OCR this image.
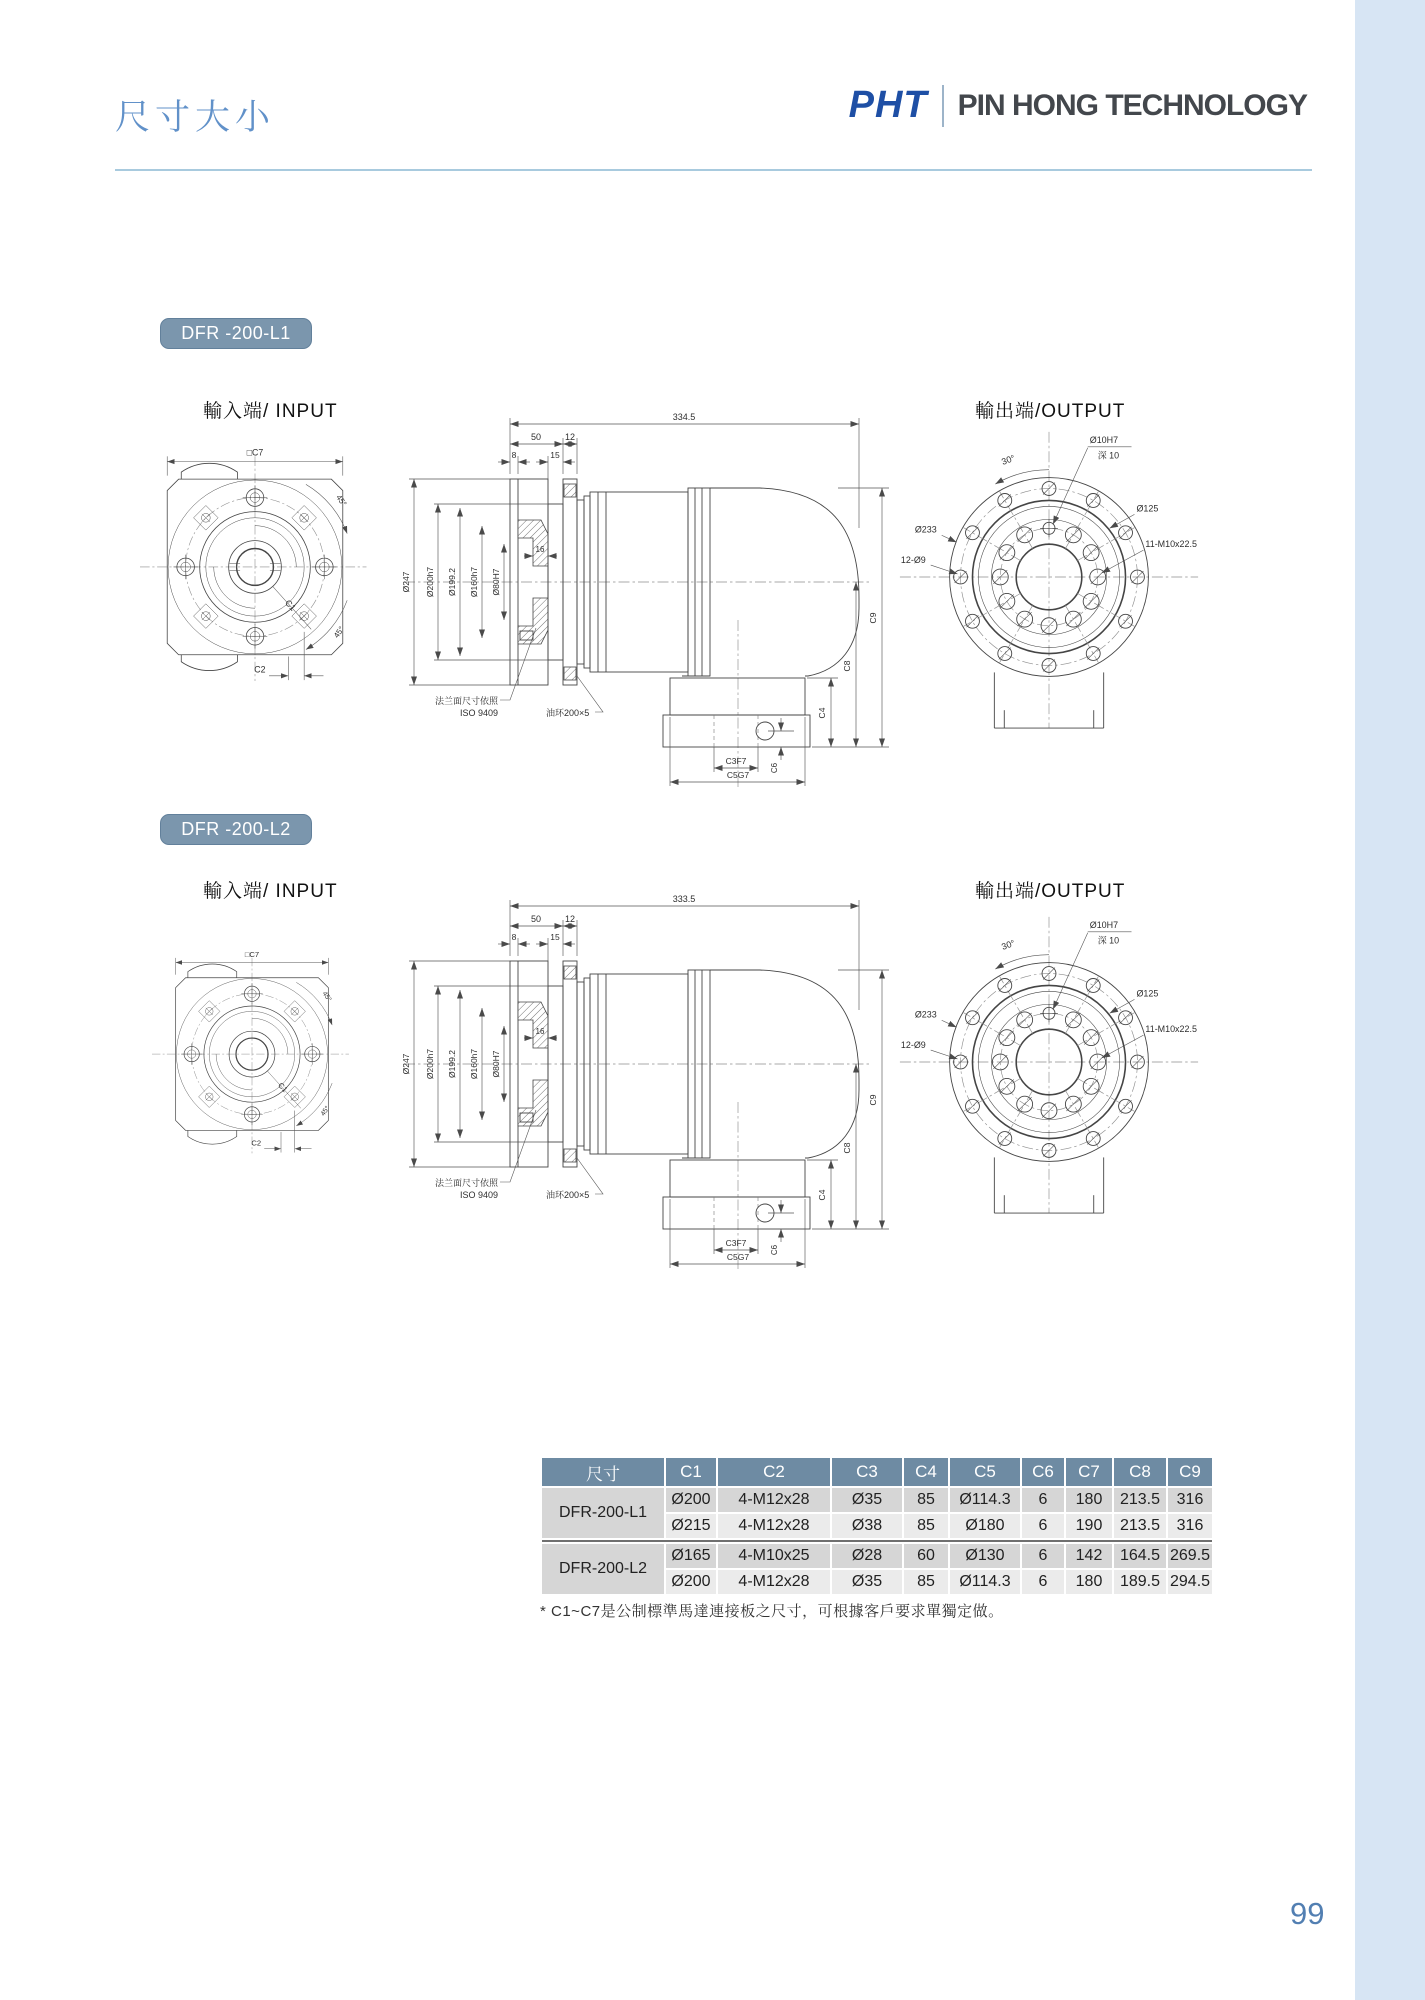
尺寸大小	PHT PIN HONG TECHNOLOGY
DFR -200-L1
輸入端/ INPUT	輸出端/OUTPUT
□C7
45°
45°
C1
C2
334.5
50	12
8	15
16
Ø247 Ø200h7 Ø199.2 Ø160h7 Ø80H7
C4
C8
C9
C6
C3F7
C5G7
法兰面尺寸依照
ISO 9409	油环200×5
30°
Ø10H7
深 10
Ø125
11-M10x22.5
Ø233
12-Ø9
DFR -200-L2
輸入端/ INPUT	輸出端/OUTPUT
□C7
45°
45°
C1
C2
333.5
50	12
8	15
16
Ø247 Ø200h7 Ø199.2 Ø160h7 Ø80H7
C4
C8
C9
C6
C3F7
C5G7
法兰面尺寸依照
ISO 9409	油环200×5
30°
Ø10H7
深 10
Ø125
11-M10x22.5
Ø233
12-Ø9
尺寸	C1	C2	C3	C4	C5	C6	C7	C8	C9
DFR-200-L1	Ø200	4-M12x28	Ø35	85	Ø114.3	6	180	213.5	316
	Ø215	4-M12x28	Ø38	85	Ø180	6	190	213.5	316

DFR-200-L2	Ø165	4-M10x25	Ø28	60	Ø130	6	142	164.5	269.5
	Ø200	4-M12x28	Ø35	85	Ø114.3	6	180	189.5	294.5
* C1~C7是公制標準馬達連接板之尺寸，可根據客戶要求單獨定做。
99
